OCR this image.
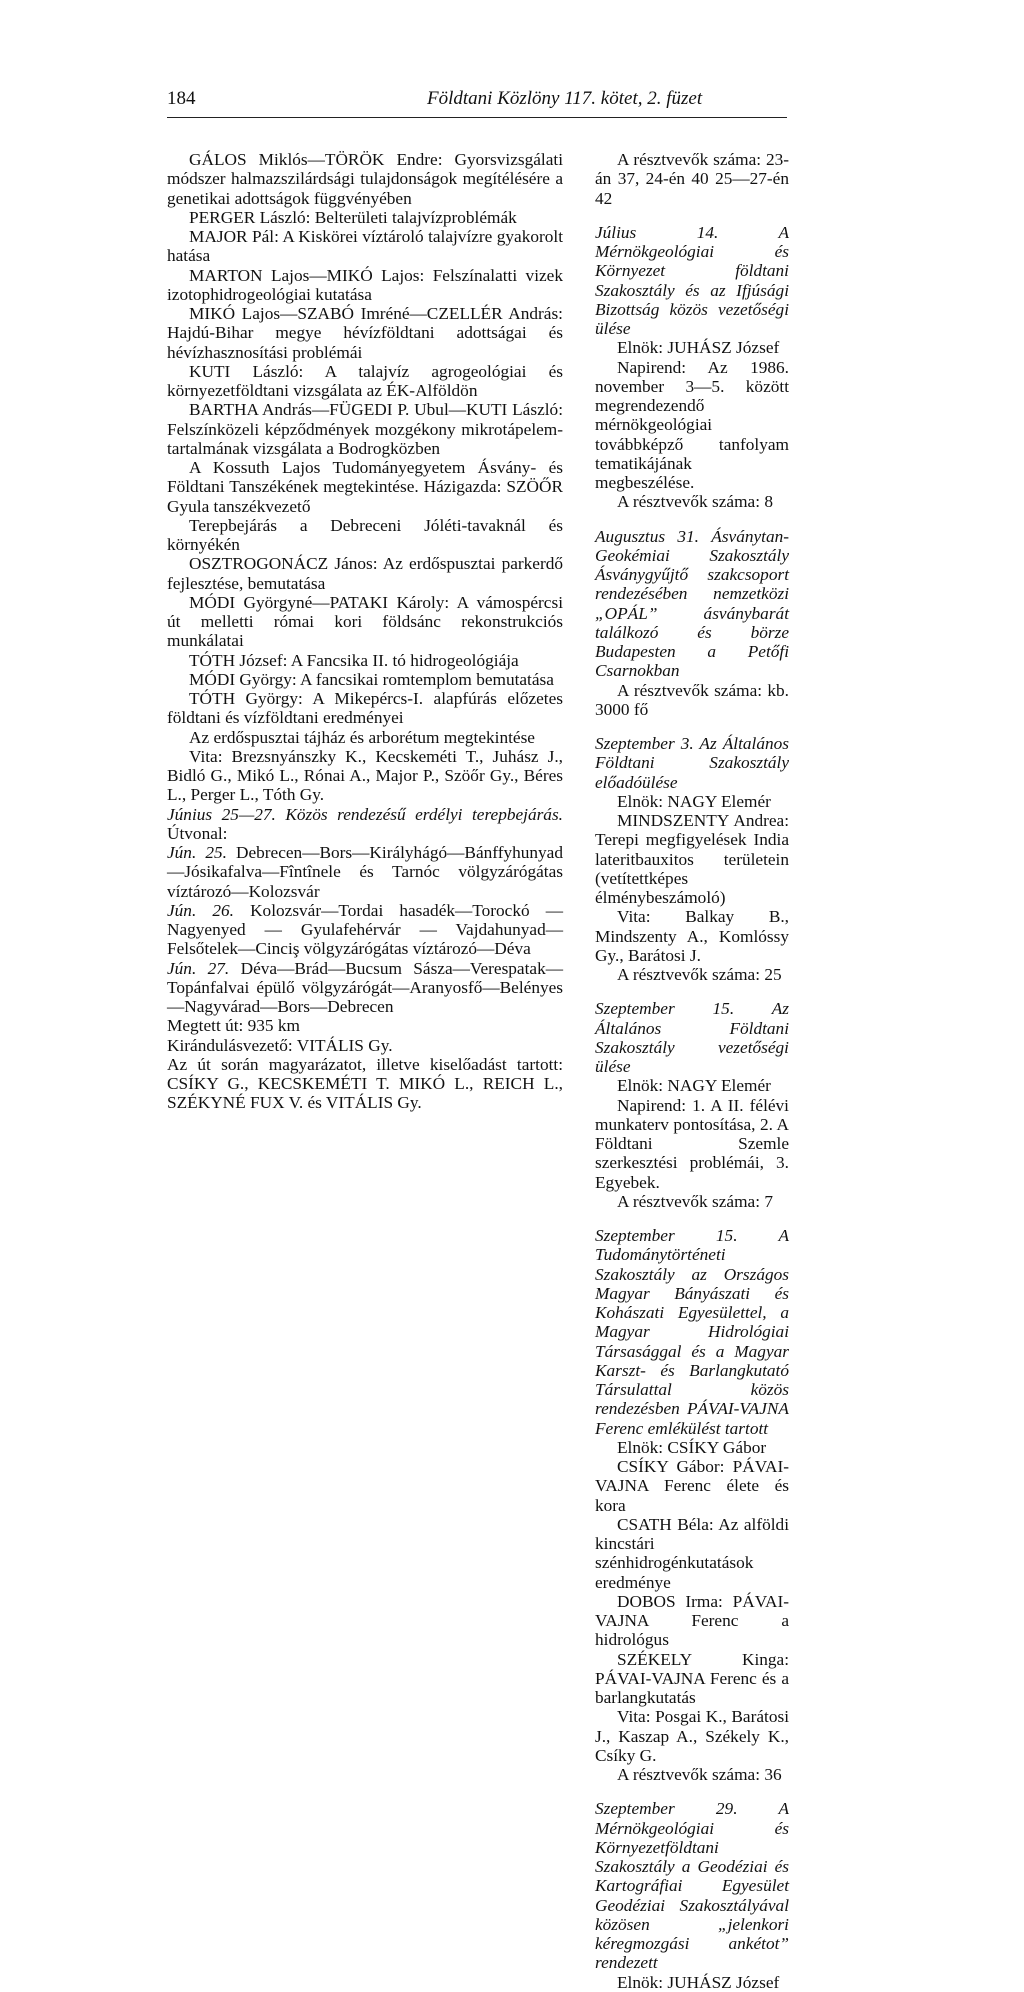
184	Földtani Közlöny 117. kötet, 2. füzet

GÁLOS Miklós—TÖRÖK Endre: Gyorsvizsgálati módszer halmazszilárdsági tulajdonságok megítélésére a genetikai adottságok függvényében

PERGER László: Belterületi talajvízproblémák

MAJOR Pál: A Kiskörei víztároló talajvízre gyakorolt hatása

MARTON Lajos—MIKÓ Lajos: Felszínalatti vizek izotophidrogeológiai kutatása

MIKÓ Lajos—SZABÓ Imréné—CZELLÉR András: Hajdú-Bihar megye hévízföldtani adottságai és hévízhasznosítási problémái

KUTI László: A talajvíz agrogeológiai és környezetföldtani vizsgálata az ÉK-Alföldön

BARTHA András—FÜGEDI P. Ubul—KUTI László: Felszínközeli képződmények mozgékony mikrotápelem-tartalmának vizsgálata a Bodrogközben

A Kossuth Lajos Tudományegyetem Ásvány- és Földtani Tanszékének megtekintése. Házigazda: SZÖŐR Gyula tanszékvezető

Terepbejárás a Debreceni Jóléti-tavaknál és környékén

OSZTROGONÁCZ János: Az erdőspusztai parkerdő fejlesztése, bemutatása

MÓDI Györgyné—PATAKI Károly: A vámospércsi út melletti római kori földsánc rekonstrukciós munkálatai

TÓTH József: A Fancsika II. tó hidrogeológiája

MÓDI György: A fancsikai romtemplom bemutatása

TÓTH György: A Mikepércs-I. alapfúrás előzetes földtani és vízföldtani eredményei

Az erdőspusztai tájház és arborétum megtekintése

Vita: Brezsnyánszky K., Kecskeméti T., Juhász J., Bidló G., Mikó L., Rónai A., Major P., Szöőr Gy., Béres L., Perger L., Tóth Gy.

Június 25—27. Közös rendezésű erdélyi terepbejárás. Útvonal:

Jún. 25. Debrecen—Bors—Királyhágó—Bánffyhunyad—Jósikafalva—Fîntînele és Tarnóc völgyzárógátas víztározó—Kolozsvár

Jún. 26. Kolozsvár—Tordai hasadék—Torockó — Nagyenyed — Gyulafehérvár — Vajdahunyad—Felsőtelek—Cinciş völgyzárógátas víztározó—Déva

Jún. 27. Déva—Brád—Bucsum Sásza—Verespatak—Topánfalvai épülő völgyzárógát—Aranyosfő—Belényes—Nagyvárad—Bors—Debrecen

Megtett út: 935 km

Kirándulásvezető: VITÁLIS Gy.

Az út során magyarázatot, illetve kiselőadást tartott: CSÍKY G., KECSKEMÉTI T. MIKÓ L., REICH L., SZÉKYNÉ FUX V. és VITÁLIS Gy.

A résztvevők száma: 23-án 37, 24-én 40 25—27-én 42

Július 14. A Mérnökgeológiai és Környezet földtani Szakosztály és az Ifjúsági Bizottság közös vezetőségi ülése

Elnök: JUHÁSZ József

Napirend: Az 1986. november 3—5. között megrendezendő mérnökgeológiai továbbképző tanfolyam tematikájának megbeszélése.

A résztvevők száma: 8

Augusztus 31. Ásványtan-Geokémiai Szakosztály Ásványgyűjtő szakcsoport rendezésében nemzetközi „OPÁL” ásványbarát találkozó és börze Budapesten a Petőfi Csarnokban

A résztvevők száma: kb. 3000 fő

Szeptember 3. Az Általános Földtani Szakosztály előadóülése

Elnök: NAGY Elemér

MINDSZENTY Andrea: Terepi megfigyelések India lateritbauxitos területein (vetítettképes élménybeszámoló)

Vita: Balkay B., Mindszenty A., Komlóssy Gy., Barátosi J.

A résztvevők száma: 25

Szeptember 15. Az Általános Földtani Szakosztály vezetőségi ülése

Elnök: NAGY Elemér

Napirend: 1. A II. félévi munkaterv pontosítása, 2. A Földtani Szemle szerkesztési problémái, 3. Egyebek.

A résztvevők száma: 7

Szeptember 15. A Tudománytörténeti Szakosztály az Országos Magyar Bányászati és Kohászati Egyesülettel, a Magyar Hidrológiai Társasággal és a Magyar Karszt- és Barlangkutató Társulattal közös rendezésben PÁVAI-VAJNA Ferenc emlékülést tartott

Elnök: CSÍKY Gábor

CSÍKY Gábor: PÁVAI-VAJNA Ferenc élete és kora

CSATH Béla: Az alföldi kincstári szénhidrogénkutatások eredménye

DOBOS Irma: PÁVAI-VAJNA Ferenc a hidrológus

SZÉKELY Kinga: PÁVAI-VAJNA Ferenc és a barlangkutatás

Vita: Posgai K., Barátosi J., Kaszap A., Székely K., Csíky G.

A résztvevők száma: 36

Szeptember 29. A Mérnökgeológiai és Környezetföldtani Szakosztály a Geodéziai és Kartográfiai Egyesület Geodéziai Szakosztályával közösen „jelenkori kéregmozgási ankétot” rendezett

Elnök: JUHÁSZ József
